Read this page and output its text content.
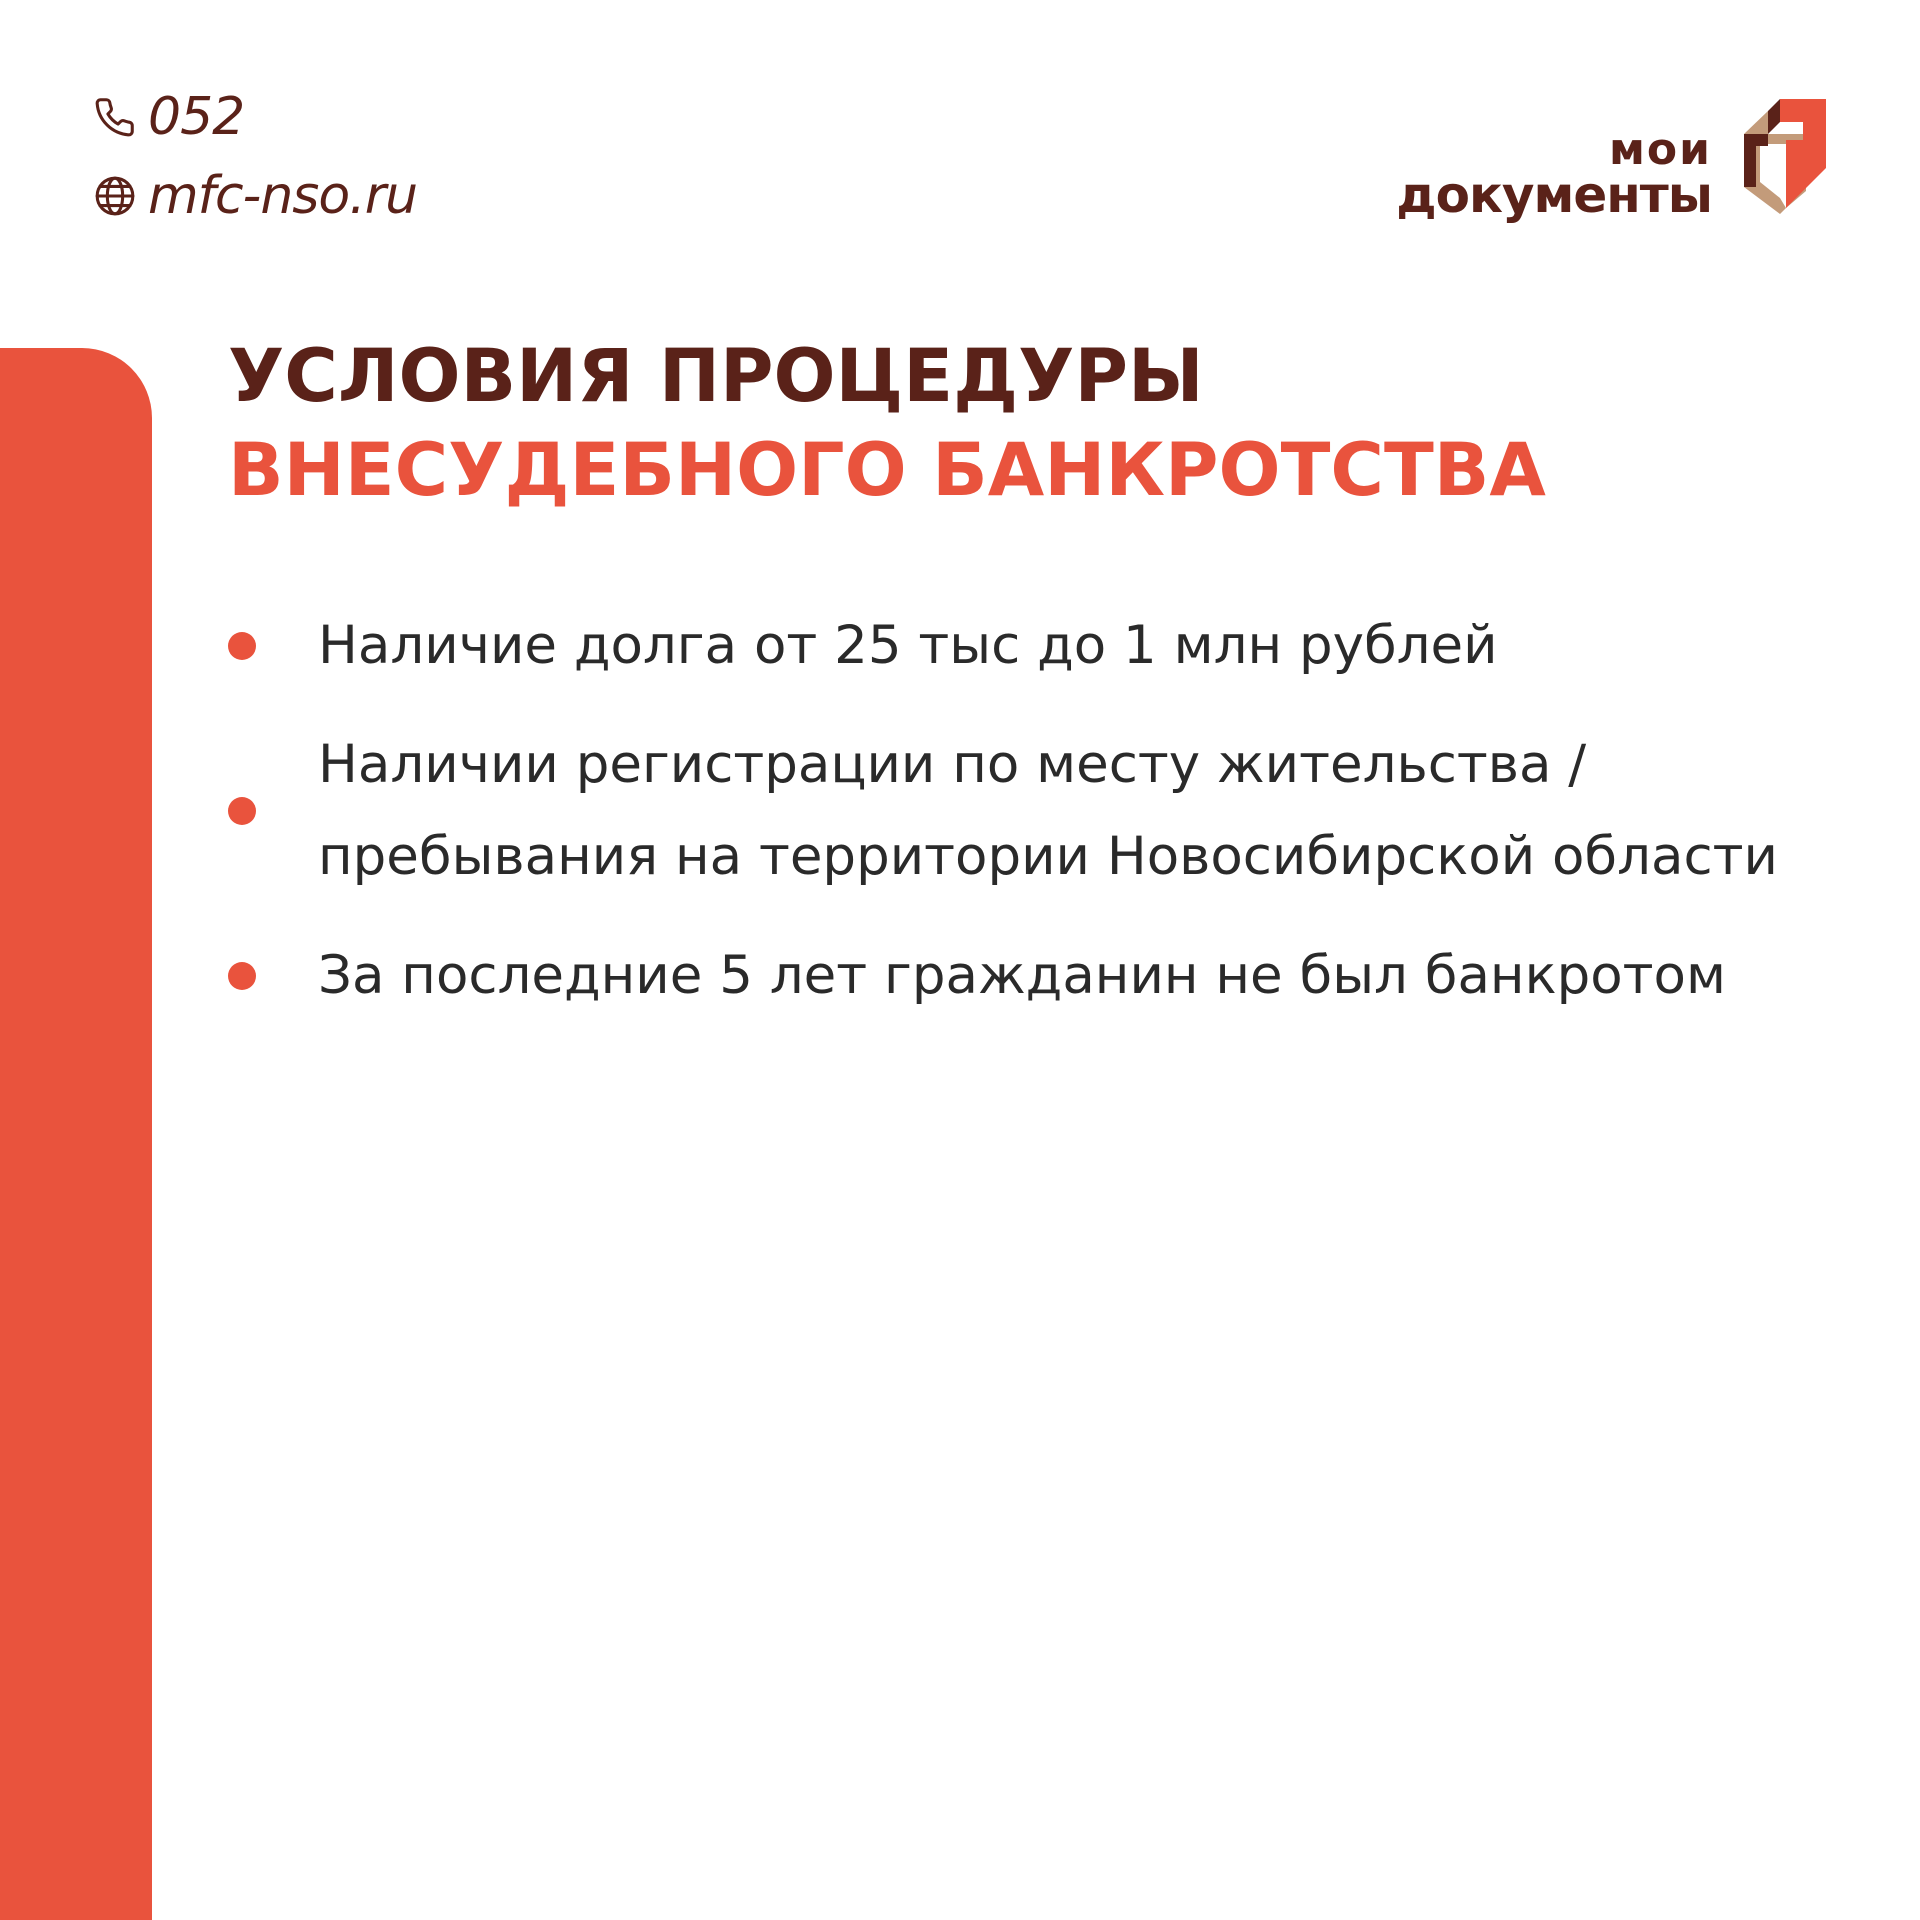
052
mfc-nso.ru
мои
документы
УСЛОВИЯ ПРОЦЕДУРЫ
ВНЕСУДЕБНОГО БАНКРОТСТВА
Наличие долга от 25 тыс до 1 млн рублей
Наличии регистрации по месту жительства /
пребывания на территории Новосибирской области
За последние 5 лет гражданин не был банкротом
